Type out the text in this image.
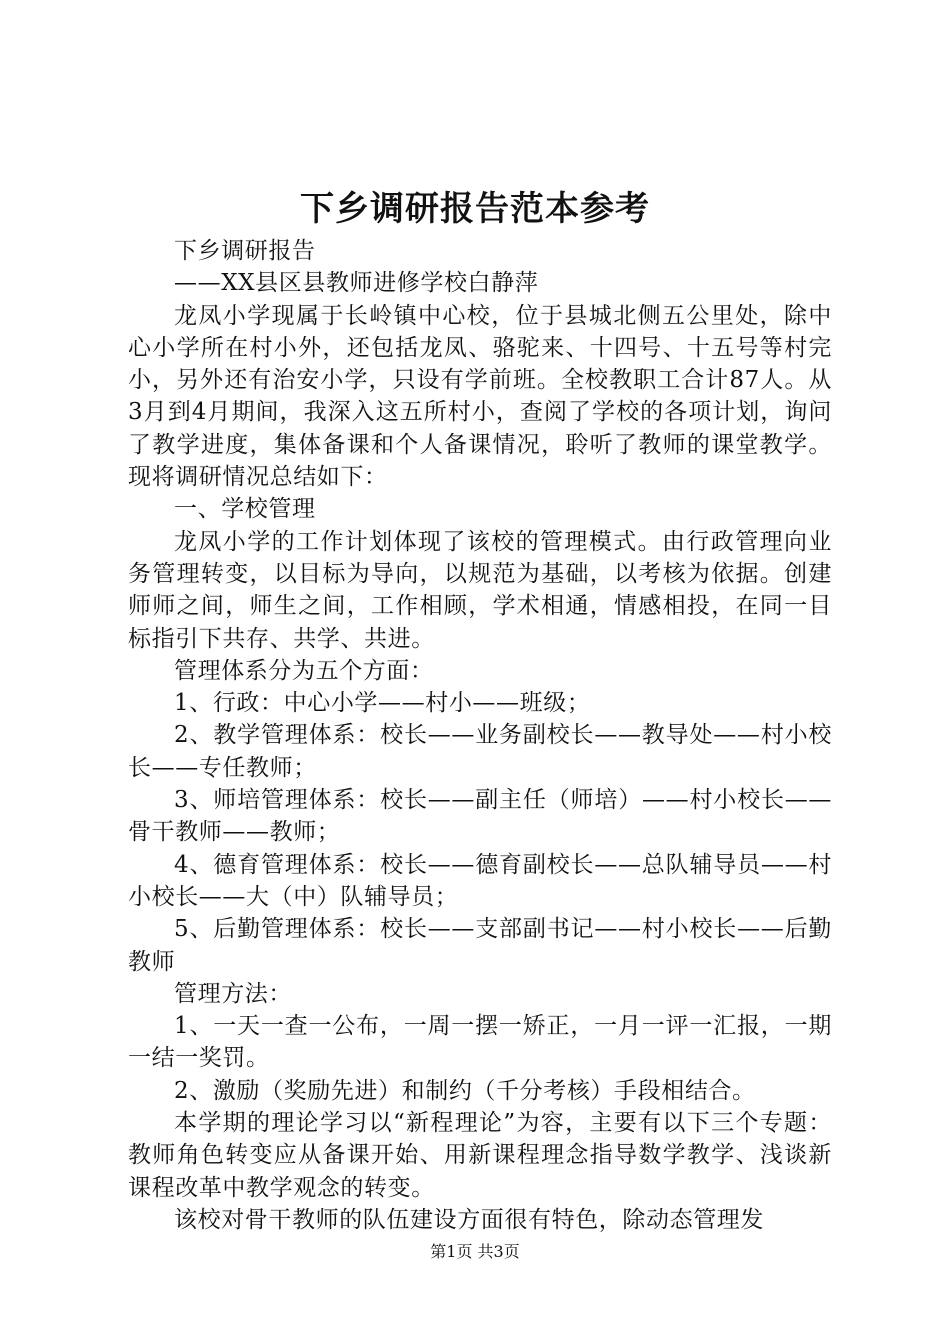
下乡调研报告范本参考

下乡调研报告

——XX县区县教师进修学校白静萍

龙凤小学现属于长岭镇中心校，位于县城北侧五公里处，除中心小学所在村小外，还包括龙凤、骆驼来、十四号、十五号等村完小，另外还有治安小学，只设有学前班。全校教职工合计87人。从3月到4月期间，我深入这五所村小，查阅了学校的各项计划，询问了教学进度，集体备课和个人备课情况，聆听了教师的课堂教学。现将调研情况总结如下：

一、学校管理

龙凤小学的工作计划体现了该校的管理模式。由行政管理向业务管理转变，以目标为导向，以规范为基础，以考核为依据。创建师师之间，师生之间，工作相顾，学术相通，情感相投，在同一目标指引下共存、共学、共进。

管理体系分为五个方面：

1、行政：中心小学——村小——班级；

2、教学管理体系：校长——业务副校长——教导处——村小校长——专任教师；

3、师培管理体系：校长——副主任（师培）——村小校长——骨干教师——教师；

4、德育管理体系：校长——德育副校长——总队辅导员——村小校长——大（中）队辅导员；

5、后勤管理体系：校长——支部副书记——村小校长——后勤教师

管理方法：

1、一天一查一公布，一周一摆一矫正，一月一评一汇报，一期一结一奖罚。

2、激励（奖励先进）和制约（千分考核）手段相结合。

本学期的理论学习以“新程理论”为容，主要有以下三个专题：教师角色转变应从备课开始、用新课程理念指导数学教学、浅谈新课程改革中教学观念的转变。

该校对骨干教师的队伍建设方面很有特色，除动态管理发

第1页 共3页
